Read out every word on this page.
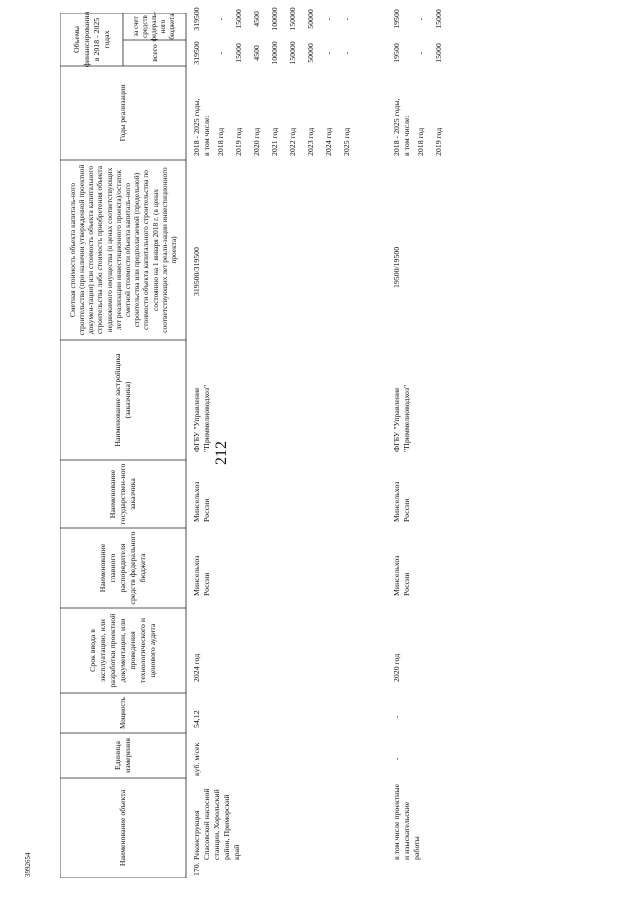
212
3992654	Наименование объекта
Единица измерения
Мощность
Срок ввода в эксплуатацию, или разработки проектной документации, или проведения технологического и ценового аудита
Наименование главного распорядителя средств федерального бюджета
Наименование государствен-ного заказчика
Наименование застройщика (заказчика)
Сметная стоимость объекта капиталь-ного строительства (при наличии утвержденной проектной докумен-тации) или стоимость объекта капитального строительства либо стоимость приобретения объекта недвижимого имущества (в ценах соответствующих лет реализации инвестиционного проекта)/остаток сметной стоимости объекта капиталь-ного строительства или предполагаемой (предельной) стоимости объекта капитального строительства по состоянию на 1 января 2018 г. (в ценах соответствующих лет реали-зации инвестиционного проекта)
Годы реализации
Объемы финансирования в 2018 - 2025 годах
всего
за счет средств федераль-ного бюджета
170.
Реконструкция Спасовской насосной станции, Хорольский район, Приморский край
куб. м/сек
54,12
2024 год
Минсельхоз России
Минсельхоз России
ФГБУ "Управление "Приммелиоводхоз"
319500/319500
2018 - 2025 годы, в том числе: 2018 год 2019 год 2020 год 2021 год 2022 год 2023 год 2024 год 2025 год
319500
319500
-
-
15000
15000
4500
4500
100000
100000
150000
150000
50000
50000
-
-
-
-
в том числе проектные и изыскательские работы
-
-
2020 год
Минсельхоз России
Минсельхоз России
ФГБУ "Управление "Приммелиоводхоз"
19500/19500
2018 - 2025 годы, в том числе: 2018 год 2019 год
19500
19500
-
-
15000
15000
